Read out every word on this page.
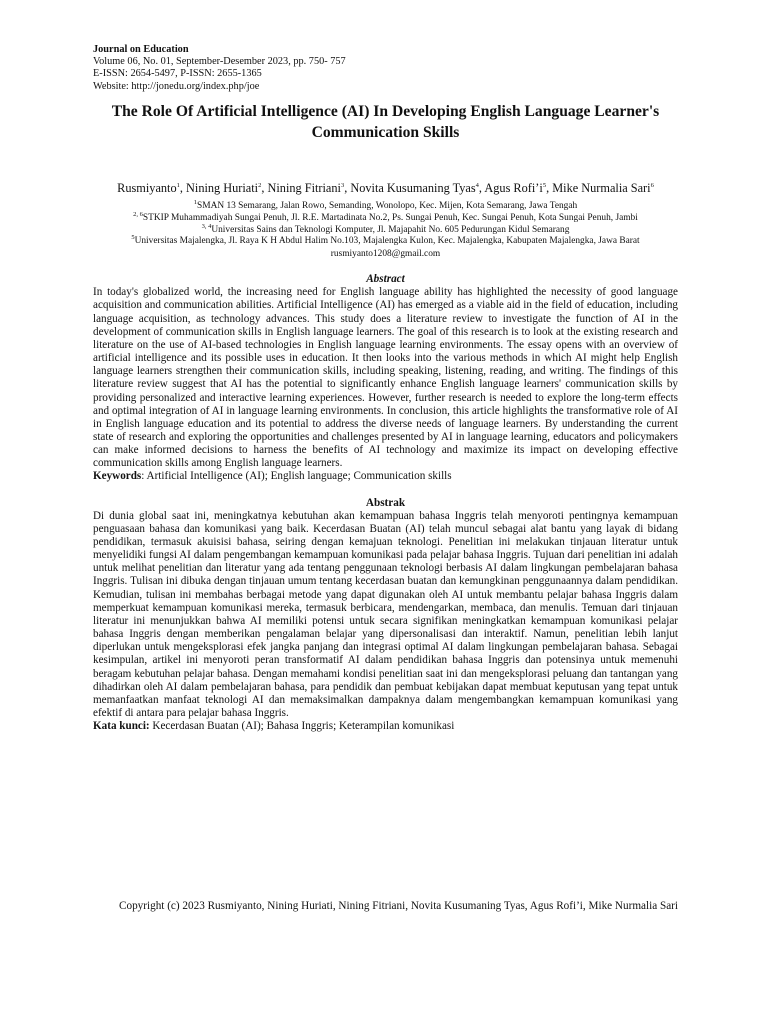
Journal on Education
Volume 06, No. 01, September-Desember 2023, pp. 750- 757
E-ISSN: 2654-5497, P-ISSN: 2655-1365
Website: http://jonedu.org/index.php/joe
The Role Of Artificial Intelligence (AI) In Developing English Language Learner's Communication Skills
Rusmiyanto$^1$, Nining Huriati$^2$, Nining Fitriani$^3$, Novita Kusumaning Tyas$^4$, Agus $Rofi’i^5$, Mike Nurmalia Sari$^6$
$^1$SMAN 13 Semarang, Jalan Rowo, Semanding, Wonolopo, Kec. Mijen, Kota Semarang, Jawa Tengah
$^{2, 6}$STKIP Muhammadiyah Sungai Penuh, Jl. R.E. Martadinata No.2, Ps. Sungai Penuh, Kec. Sungai Penuh, Kota Sungai Penuh, Jambi
$^{3, 4}$Universitas Sains dan Teknologi Komputer, Jl. Majapahit No. 605 Pedurungan Kidul Semarang
$^5$Universitas Majalengka, Jl. Raya K H Abdul Halim No.103, Majalengka Kulon, Kec. Majalengka, Kabupaten Majalengka, Jawa Barat
rusmiyanto1208@gmail.com
Abstract

In today's globalized world, the increasing need for English language ability has highlighted the necessity of good language acquisition and communication abilities. Artificial Intelligence (AI) has emerged as a viable aid in the field of education, including language acquisition, as technology advances. This study does a literature review to investigate the function of AI in the development of communication skills in English language learners. The goal of this research is to look at the existing research and literature on the use of AI-based technologies in English language learning environments. The essay opens with an overview of artificial intelligence and its possible uses in education. It then looks into the various methods in which AI might help English language learners strengthen their communication skills, including speaking, listening, reading, and writing. The findings of this literature review suggest that AI has the potential to significantly enhance English language learners' communication skills by providing personalized and interactive learning experiences. However, further research is needed to explore the long-term effects and optimal integration of AI in language learning environments. In conclusion, this article highlights the transformative role of AI in English language education and its potential to address the diverse needs of language learners. By understanding the current state of research and exploring the opportunities and challenges presented by AI in language learning, educators and policymakers can make informed decisions to harness the benefits of AI technology and maximize its impact on developing effective communication skills among English language learners.

Keywords: Artificial Intelligence (AI); English language; Communication skills

Abstrak

Di dunia global saat ini, meningkatnya kebutuhan akan kemampuan bahasa Inggris telah menyoroti pentingnya kemampuan penguasaan bahasa dan komunikasi yang baik. Kecerdasan Buatan (AI) telah muncul sebagai alat bantu yang layak di bidang pendidikan, termasuk akuisisi bahasa, seiring dengan kemajuan teknologi. Penelitian ini melakukan tinjauan literatur untuk menyelidiki fungsi AI dalam pengembangan kemampuan komunikasi pada pelajar bahasa Inggris. Tujuan dari penelitian ini adalah untuk melihat penelitian dan literatur yang ada tentang penggunaan teknologi berbasis AI dalam lingkungan pembelajaran bahasa Inggris. Tulisan ini dibuka dengan tinjauan umum tentang kecerdasan buatan dan kemungkinan penggunaannya dalam pendidikan. Kemudian, tulisan ini membahas berbagai metode yang dapat digunakan oleh AI untuk membantu pelajar bahasa Inggris dalam memperkuat kemampuan komunikasi mereka, termasuk berbicara, mendengarkan, membaca, dan menulis. Temuan dari tinjauan literatur ini menunjukkan bahwa AI memiliki potensi untuk secara signifikan meningkatkan kemampuan komunikasi pelajar bahasa Inggris dengan memberikan pengalaman belajar yang dipersonalisasi dan interaktif. Namun, penelitian lebih lanjut diperlukan untuk mengeksplorasi efek jangka panjang dan integrasi optimal AI dalam lingkungan pembelajaran bahasa. Sebagai kesimpulan, artikel ini menyoroti peran transformatif AI dalam pendidikan bahasa Inggris dan potensinya untuk memenuhi beragam kebutuhan pelajar bahasa. Dengan memahami kondisi penelitian saat ini dan mengeksplorasi peluang dan tantangan yang dihadirkan oleh AI dalam pembelajaran bahasa, para pendidik dan pembuat kebijakan dapat membuat keputusan yang tepat untuk memanfaatkan manfaat teknologi AI dan memaksimalkan dampaknya dalam mengembangkan kemampuan komunikasi yang efektif di antara para pelajar bahasa Inggris.

Kata kunci: Kecerdasan Buatan (AI); Bahasa Inggris; Keterampilan komunikasi

Copyright (c) 2023 Rusmiyanto, Nining Huriati, Nining Fitriani, Novita Kusumaning Tyas, Agus Rofi’i, Mike Nurmalia Sari
